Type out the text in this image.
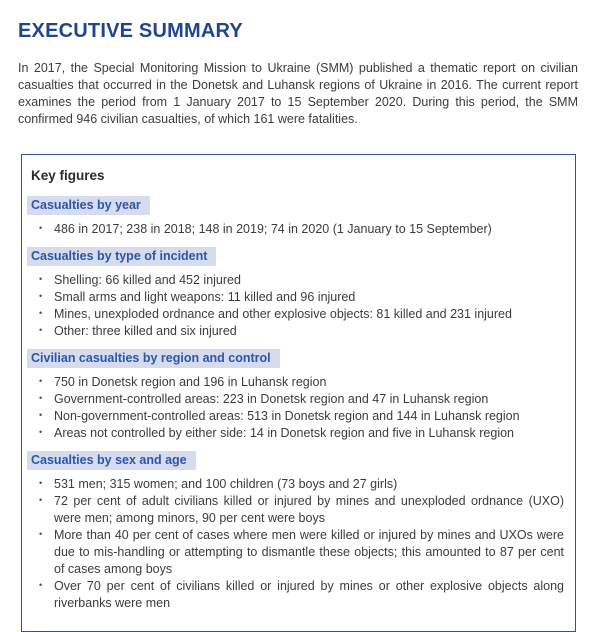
EXECUTIVE SUMMARY

In 2017, the Special Monitoring Mission to Ukraine (SMM) published a thematic report on civilian casualties that occurred in the Donetsk and Luhansk regions of Ukraine in 2016. The current report examines the period from 1 January 2017 to 15 September 2020. During this period, the SMM confirmed 946 civilian casualties, of which 161 were fatalities.

Key figures
Casualties by year
• 486 in 2017; 238 in 2018; 148 in 2019; 74 in 2020 (1 January to 15 September)
Casualties by type of incident
• Shelling: 66 killed and 452 injured
• Small arms and light weapons: 11 killed and 96 injured
• Mines, unexploded ordnance and other explosive objects: 81 killed and 231 injured
• Other: three killed and six injured
Civilian casualties by region and control
• 750 in Donetsk region and 196 in Luhansk region
• Government-controlled areas: 223 in Donetsk region and 47 in Luhansk region
• Non-government-controlled areas: 513 in Donetsk region and 144 in Luhansk region
• Areas not controlled by either side: 14 in Donetsk region and five in Luhansk region
Casualties by sex and age
• 531 men; 315 women; and 100 children (73 boys and 27 girls)
• 72 per cent of adult civilians killed or injured by mines and unexploded ordnance (UXO) were men; among minors, 90 per cent were boys
• More than 40 per cent of cases where men were killed or injured by mines and UXOs were due to mis-handling or attempting to dismantle these objects; this amounted to 87 per cent of cases among boys
• Over 70 per cent of civilians killed or injured by mines or other explosive objects along riverbanks were men
